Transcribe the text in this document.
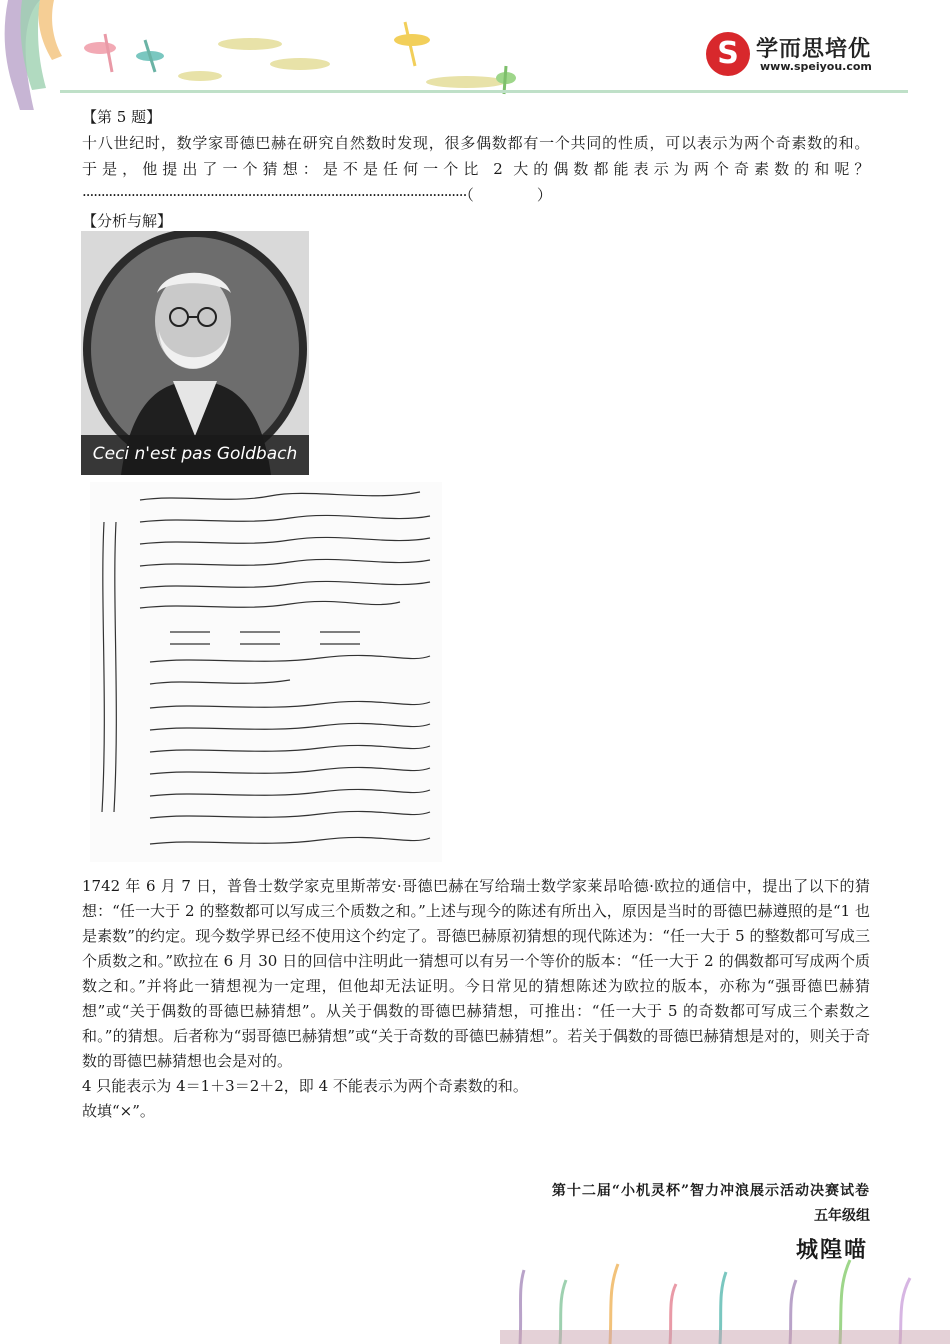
S 学而思培优
www.speiyou.com

【第 5 题】

十八世纪时，数学家哥德巴赫在研究自然数时发现，很多偶数都有一个共同的性质，可以表示为两个奇素数的和。于是，他提出了一个猜想：是不是任何一个比 2 大的偶数都能表示为两个奇素数的和呢？······································································································（　　　　）

【分析与解】

Ceci n'est pas Goldbach

1742 年 6 月 7 日，普鲁士数学家克里斯蒂安·哥德巴赫在写给瑞士数学家莱昂哈德·欧拉的通信中，提出了以下的猜想：“任一大于 2 的整数都可以写成三个质数之和。”上述与现今的陈述有所出入，原因是当时的哥德巴赫遵照的是“1 也是素数”的约定。现今数学界已经不使用这个约定了。哥德巴赫原初猜想的现代陈述为：“任一大于 5 的整数都可写成三个质数之和。”欧拉在 6 月 30 日的回信中注明此一猜想可以有另一个等价的版本：“任一大于 2 的偶数都可写成两个质数之和。”并将此一猜想视为一定理，但他却无法证明。今日常见的猜想陈述为欧拉的版本，亦称为“强哥德巴赫猜想”或“关于偶数的哥德巴赫猜想”。从关于偶数的哥德巴赫猜想，可推出：“任一大于 5 的奇数都可写成三个素数之和。”的猜想。后者称为“弱哥德巴赫猜想”或“关于奇数的哥德巴赫猜想”。若关于偶数的哥德巴赫猜想是对的，则关于奇数的哥德巴赫猜想也会是对的。

4 只能表示为 4＝1＋3＝2＋2，即 4 不能表示为两个奇素数的和。

故填“×”。

第十二届“小机灵杯”智力冲浪展示活动决赛试卷
五年级组
城隍喵
